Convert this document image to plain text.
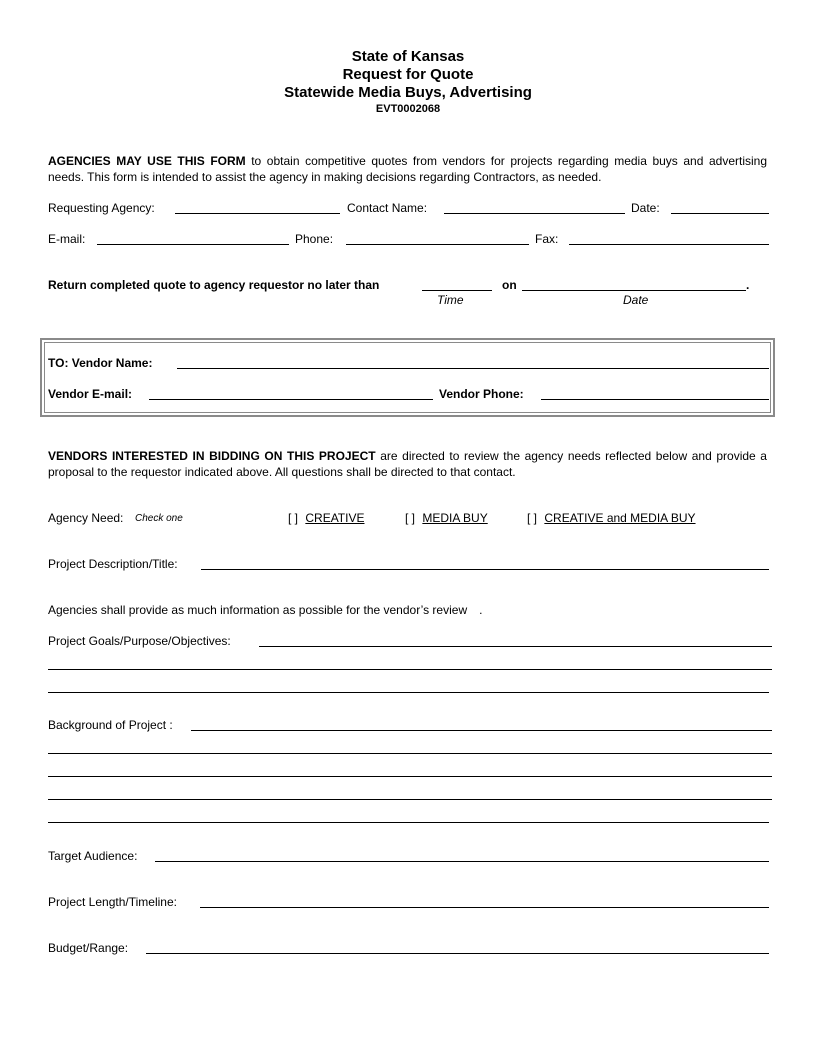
State of Kansas
Request for Quote
Statewide Media Buys, Advertising
EVT0002068
AGENCIES MAY USE THIS FORM to obtain competitive quotes from vendors for projects regarding media buys and advertising needs. This form is intended to assist the agency in making decisions regarding Contractors, as needed.
Requesting Agency:	Contact Name:	Date:
E-mail:	Phone:	Fax:
Return completed quote to agency requestor no later than	on	.
Time	Date
TO: Vendor Name:
Vendor E-mail:	Vendor Phone:
VENDORS INTERESTED IN BIDDING ON THIS PROJECT are directed to review the agency needs reflected below and provide a proposal to the requestor indicated above. All questions shall be directed to that contact.
Agency Need: Check one	[ ] CREATIVE	[ ] MEDIA BUY	[ ] CREATIVE and MEDIA BUY
Project Description/Title:
Agencies shall provide as much information as possible for the vendor’s review .
Project Goals/Purpose/Objectives:
Background of Project :
Target Audience:
Project Length/Timeline:
Budget/Range:
